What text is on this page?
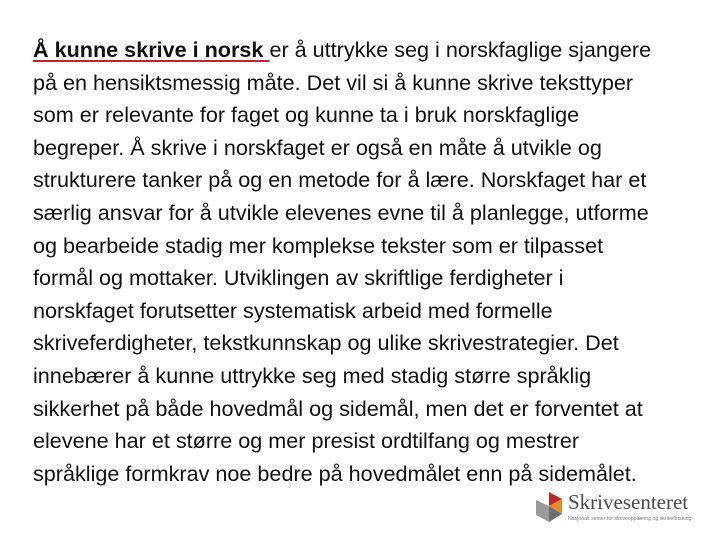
Å kunne skrive i norsk er å uttrykke seg i norskfaglige sjangere
på en hensiktsmessig måte. Det vil si å kunne skrive teksttyper
som er relevante for faget og kunne ta i bruk norskfaglige
begreper. Å skrive i norskfaget er også en måte å utvikle og
strukturere tanker på og en metode for å lære. Norskfaget har et
særlig ansvar for å utvikle elevenes evne til å planlegge, utforme
og bearbeide stadig mer komplekse tekster som er tilpasset
formål og mottaker. Utviklingen av skriftlige ferdigheter i
norskfaget forutsetter systematisk arbeid med formelle
skriveferdigheter, tekstkunnskap og ulike skrivestrategier. Det
innebærer å kunne uttrykke seg med stadig større språklig
sikkerhet på både hovedmål og sidemål, men det er forventet at
elevene har et større og mer presist ordtilfang og mestrer
språklige formkrav noe bedre på hovedmålet enn på sidemålet.

Skrivesenteret
Nasjonalt senter for skriveopplæring og skriveforsking
